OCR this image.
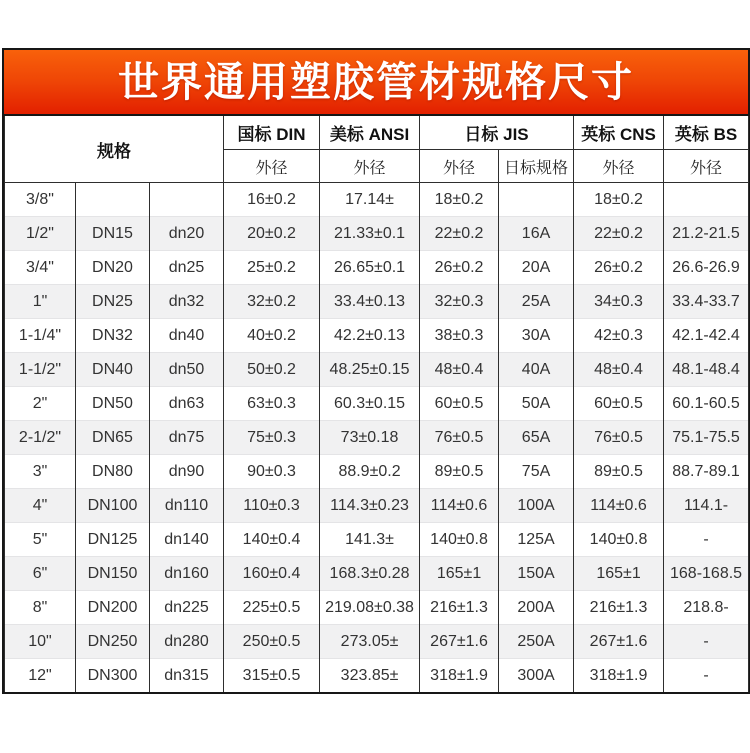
世界通用塑胶管材规格尺寸
规格			国标 DIN	美标 ANSI	日标 JIS		英标 CNS	英标 BS
			外径	外径	外径	日标规格	外径	外径
3/8"			16±0.2	17.14±	18±0.2		18±0.2	
1/2"	DN15	dn20	20±0.2	21.33±0.1	22±0.2	16A	22±0.2	21.2-21.5
3/4"	DN20	dn25	25±0.2	26.65±0.1	26±0.2	20A	26±0.2	26.6-26.9
1"	DN25	dn32	32±0.2	33.4±0.13	32±0.3	25A	34±0.3	33.4-33.7
1-1/4"	DN32	dn40	40±0.2	42.2±0.13	38±0.3	30A	42±0.3	42.1-42.4
1-1/2"	DN40	dn50	50±0.2	48.25±0.15	48±0.4	40A	48±0.4	48.1-48.4
2"	DN50	dn63	63±0.3	60.3±0.15	60±0.5	50A	60±0.5	60.1-60.5
2-1/2"	DN65	dn75	75±0.3	73±0.18	76±0.5	65A	76±0.5	75.1-75.5
3"	DN80	dn90	90±0.3	88.9±0.2	89±0.5	75A	89±0.5	88.7-89.1
4"	DN100	dn110	110±0.3	114.3±0.23	114±0.6	100A	114±0.6	114.1-
5"	DN125	dn140	140±0.4	141.3±	140±0.8	125A	140±0.8	-
6"	DN150	dn160	160±0.4	168.3±0.28	165±1	150A	165±1	168-168.5
8"	DN200	dn225	225±0.5	219.08±0.38	216±1.3	200A	216±1.3	218.8-
10"	DN250	dn280	250±0.5	273.05±	267±1.6	250A	267±1.6	-
12"	DN300	dn315	315±0.5	323.85±	318±1.9	300A	318±1.9	-
